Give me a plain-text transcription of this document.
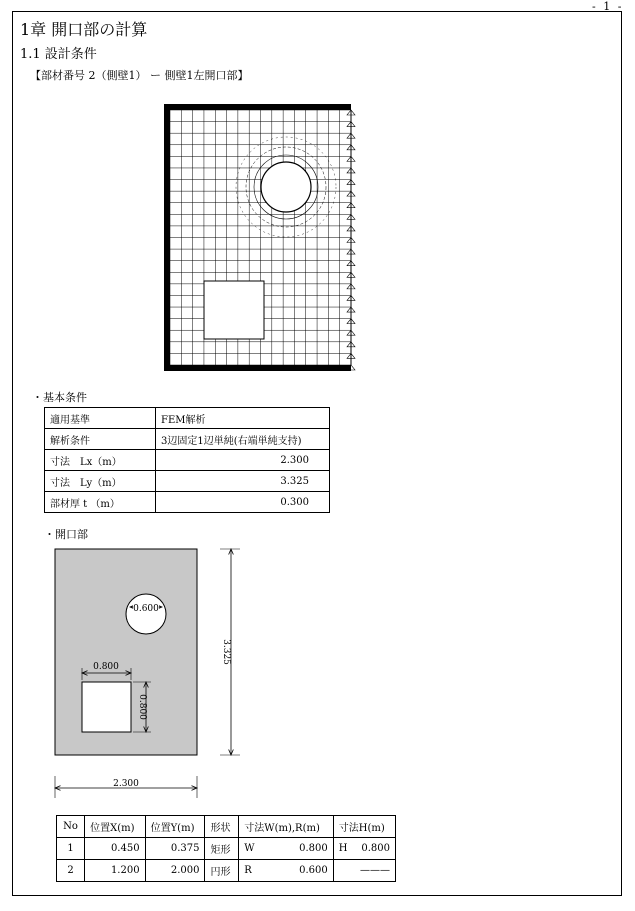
- 1 -
1章 開口部の計算
1.1 設計条件
【部材番号 2（側壁1） ー 側壁1左開口部】
・基本条件
適用基準	FEM解析
解析条件	3辺固定1辺単純(右端単純支持)
寸法　Lx（m）	2.300
寸法　Ly（m）	3.325
部材厚 t （m）	0.300
・開口部
0.600
0.800
0.800
3.325
2.300
No	位置X(m)	位置Y(m)	形状	寸法W(m),R(m)	寸法H(m)
1	0.450	0.375	矩形	W 0.800	H 0.800

2	1.200	2.000	円形	R 0.600	———
